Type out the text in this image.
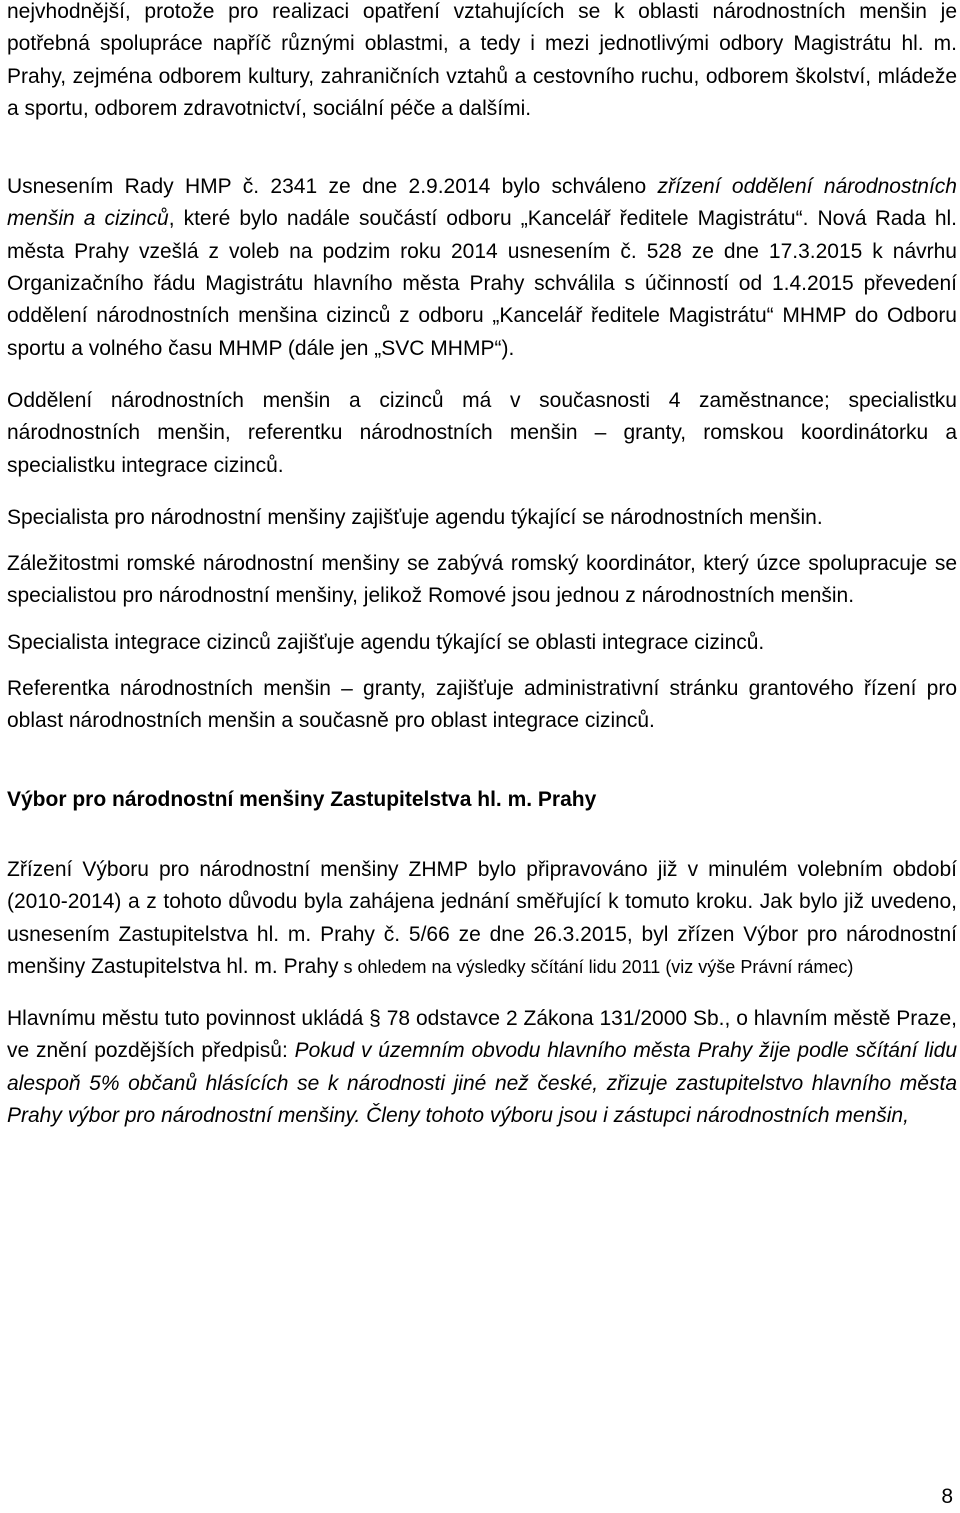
nejvhodnější, protože pro realizaci opatření vztahujících se k oblasti národnostních menšin je potřebná spolupráce napříč různými oblastmi, a tedy i mezi jednotlivými odbory Magistrátu hl. m. Prahy, zejména odborem kultury, zahraničních vztahů a cestovního ruchu, odborem školství, mládeže a sportu, odborem zdravotnictví, sociální péče a dalšími.

Usnesením Rady HMP č. 2341 ze dne 2.9.2014 bylo schváleno zřízení oddělení národnostních menšin a cizinců, které bylo nadále součástí odboru „Kancelář ředitele Magistrátu“. Nová Rada hl. města Prahy vzešlá z voleb na podzim roku 2014 usnesením č. 528 ze dne 17.3.2015 k návrhu Organizačního řádu Magistrátu hlavního města Prahy schválila s účinností od 1.4.2015 převedení oddělení národnostních menšina cizinců z odboru „Kancelář ředitele Magistrátu“ MHMP do Odboru sportu a volného času MHMP (dále jen „SVC MHMP“).

Oddělení národnostních menšin a cizinců má v současnosti 4 zaměstnance; specialistku národnostních menšin, referentku národnostních menšin – granty, romskou koordinátorku a specialistku integrace cizinců.

Specialista pro národnostní menšiny zajišťuje agendu týkající se národnostních menšin.

Záležitostmi romské národnostní menšiny se zabývá romský koordinátor, který úzce spolupracuje se specialistou pro národnostní menšiny, jelikož Romové jsou jednou z národnostních menšin.

Specialista integrace cizinců zajišťuje agendu týkající se oblasti integrace cizinců.

Referentka národnostních menšin – granty, zajišťuje administrativní stránku grantového řízení pro oblast národnostních menšin a současně pro oblast integrace cizinců.

Výbor pro národnostní menšiny Zastupitelstva hl. m. Prahy

Zřízení Výboru pro národnostní menšiny ZHMP bylo připravováno již v minulém volebním období (2010-2014) a z tohoto důvodu byla zahájena jednání směřující k tomuto kroku. Jak bylo již uvedeno, usnesením Zastupitelstva hl. m. Prahy č. 5/66 ze dne 26.3.2015, byl zřízen Výbor pro národnostní menšiny Zastupitelstva hl. m. Prahy s ohledem na výsledky sčítání lidu 2011 (viz výše Právní rámec)

Hlavnímu městu tuto povinnost ukládá § 78 odstavce 2 Zákona 131/2000 Sb., o hlavním městě Praze, ve znění pozdějších předpisů: Pokud v územním obvodu hlavního města Prahy žije podle sčítání lidu alespoň 5% občanů hlásících se k národnosti jiné než české, zřizuje zastupitelstvo hlavního města Prahy výbor pro národnostní menšiny. Členy tohoto výboru jsou i zástupci národnostních menšin,

8
